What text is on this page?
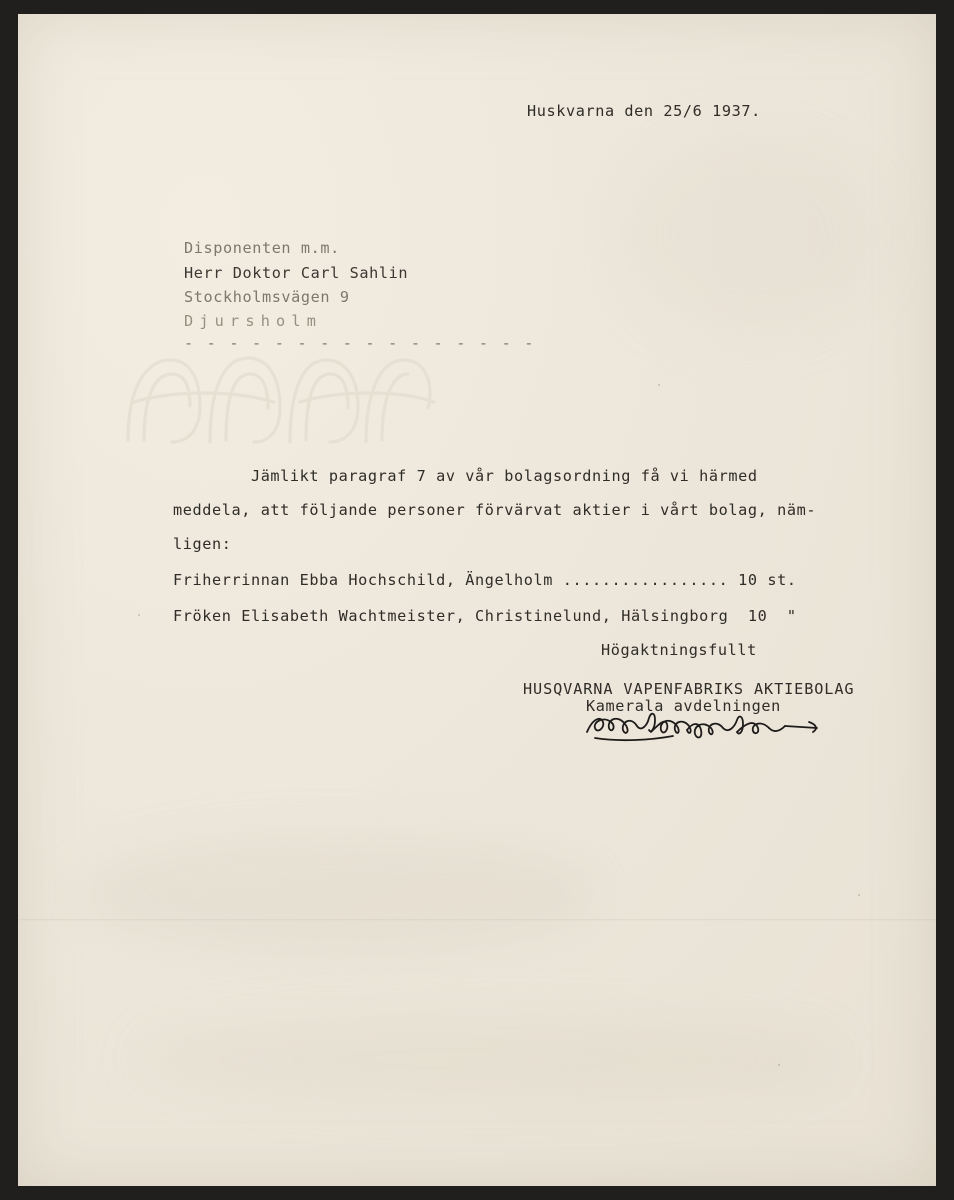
Huskvarna den 25/6 1937.
Disponenten m.m.
Herr Doktor Carl Sahlin
Stockholmsvägen 9
Djursholm
- - - - - - - - - - - - - - - -
Jämlikt paragraf 7 av vår bolagsordning få vi härmed
meddela, att följande personer förvärvat aktier i vårt bolag, näm-
ligen:
Friherrinnan Ebba Hochschild, Ängelholm ................. 10 st.
Fröken Elisabeth Wachtmeister, Christinelund, Hälsingborg  10  "
Högaktningsfullt
HUSQVARNA VAPENFABRIKS AKTIEBOLAG
Kamerala avdelningen
